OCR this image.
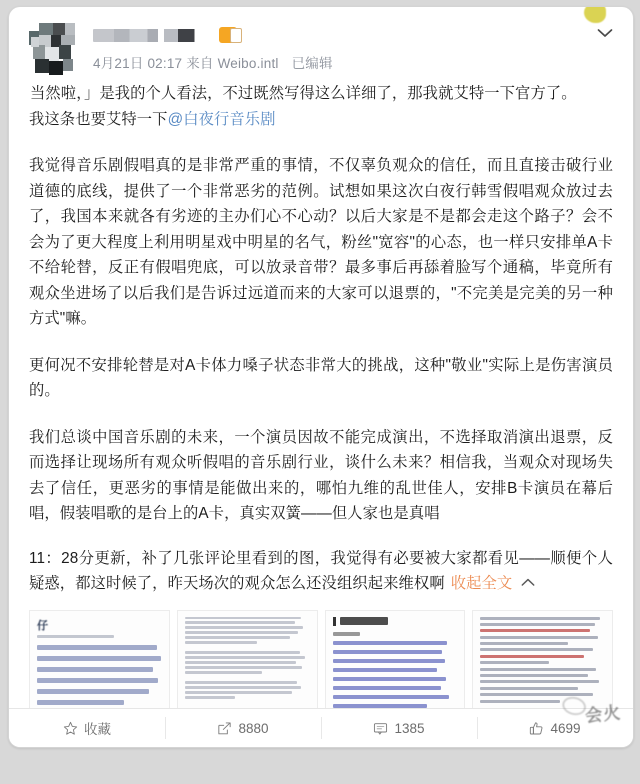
4月21日 02:17 来自 Weibo.intl 已编辑

当然啦，」是我的个人看法，不过既然写得这么详细了，那我就艾特一下官方了。

我这条也要艾特一下@白夜行音乐剧

我觉得音乐剧假唱真的是非常严重的事情，不仅辜负观众的信任，而且直接击破行业道德的底线，提供了一个非常恶劣的范例。试想如果这次白夜行韩雪假唱观众放过去了，我国本来就各有劣迹的主办们心不心动？以后大家是不是都会走这个路子？会不会为了更大程度上利用明星戏中明星的名气，粉丝"宽容"的心态，也一样只安排单A卡不给轮替，反正有假唱兜底，可以放录音带？最多事后再舔着脸写个通稿，毕竟所有观众坐进场了以后我们是告诉过远道而来的大家可以退票的，"不完美是完美的另一种方式"嘛。

更何况不安排轮替是对A卡体力嗓子状态非常大的挑战，这种"敬业"实际上是伤害演员的。

我们总谈中国音乐剧的未来，一个演员因故不能完成演出，不选择取消演出退票，反而选择让现场所有观众听假唱的音乐剧行业，谈什么未来？相信我，当观众对现场失去了信任，更恶劣的事情是能做出来的，哪怕九维的乱世佳人，安排B卡演员在幕后唱，假装唱歌的是台上的A卡，真实双簧——但人家也是真唱

11：28分更新，补了几张评论里看到的图，我觉得有必要被大家都看见——顺便个人疑惑，都这时候了，昨天场次的观众怎么还没组织起来维权啊 收起全文

仔
收藏	8880	1385	4699
会火
